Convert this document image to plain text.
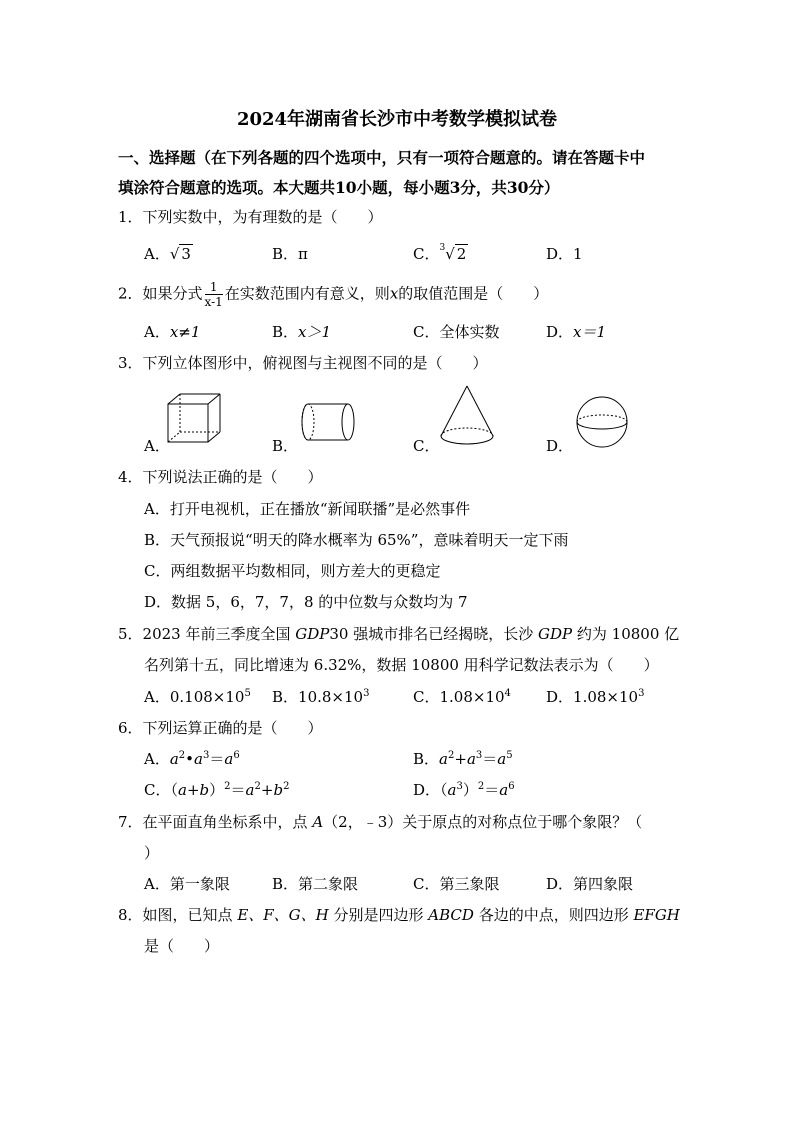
2024年湖南省长沙市中考数学模拟试卷
一、选择题（在下列各题的四个选项中，只有一项符合题意的。请在答题卡中
填涂符合题意的选项。本大题共10小题，每小题3分，共30分）
1．下列实数中，为有理数的是（　　）
A．√ 3	B．π	C．$^3$√ 2	D．1
2．如果分式 $\frac{1}{x-1}$ 在实数范围内有意义，则x的取值范围是（　　）
A．x≠1	B．x＞1	C．全体实数	D．x＝1
3．下列立体图形中，俯视图与主视图不同的是（　　）
A．	B．	C．	D．
4．下列说法正确的是（　　）
A．打开电视机，正在播放“新闻联播”是必然事件
B．天气预报说“明天的降水概率为 65%”，意味着明天一定下雨
C．两组数据平均数相同，则方差大的更稳定
D．数据 5，6，7，7，8 的中位数与众数均为 7
5．2023 年前三季度全国 GDP30 强城市排名已经揭晓，长沙 GDP 约为 10800 亿
名列第十五，同比增速为 6.32%，数据 10800 用科学记数法表示为（　　）
A．$0.108\times 10^5$ B．$10.8\times 10^3$	C．$1.08\times 10^4$ D．$1.08\times 10^3$
6．下列运算正确的是（　　）
A．$a^2•a^3=a^6$	B．$a^2+a^3=a^5$
C．$(a+b)^2=a^2+b^2$	D．$(a^3)^2=a^6$
7．在平面直角坐标系中，点 A（2，﹣3）关于原点的对称点位于哪个象限？（
）
A．第一象限	B．第二象限	C．第三象限	D．第四象限
8．如图，已知点 E、F、G、H 分别是四边形 ABCD 各边的中点，则四边形 EFGH
是（　　）
